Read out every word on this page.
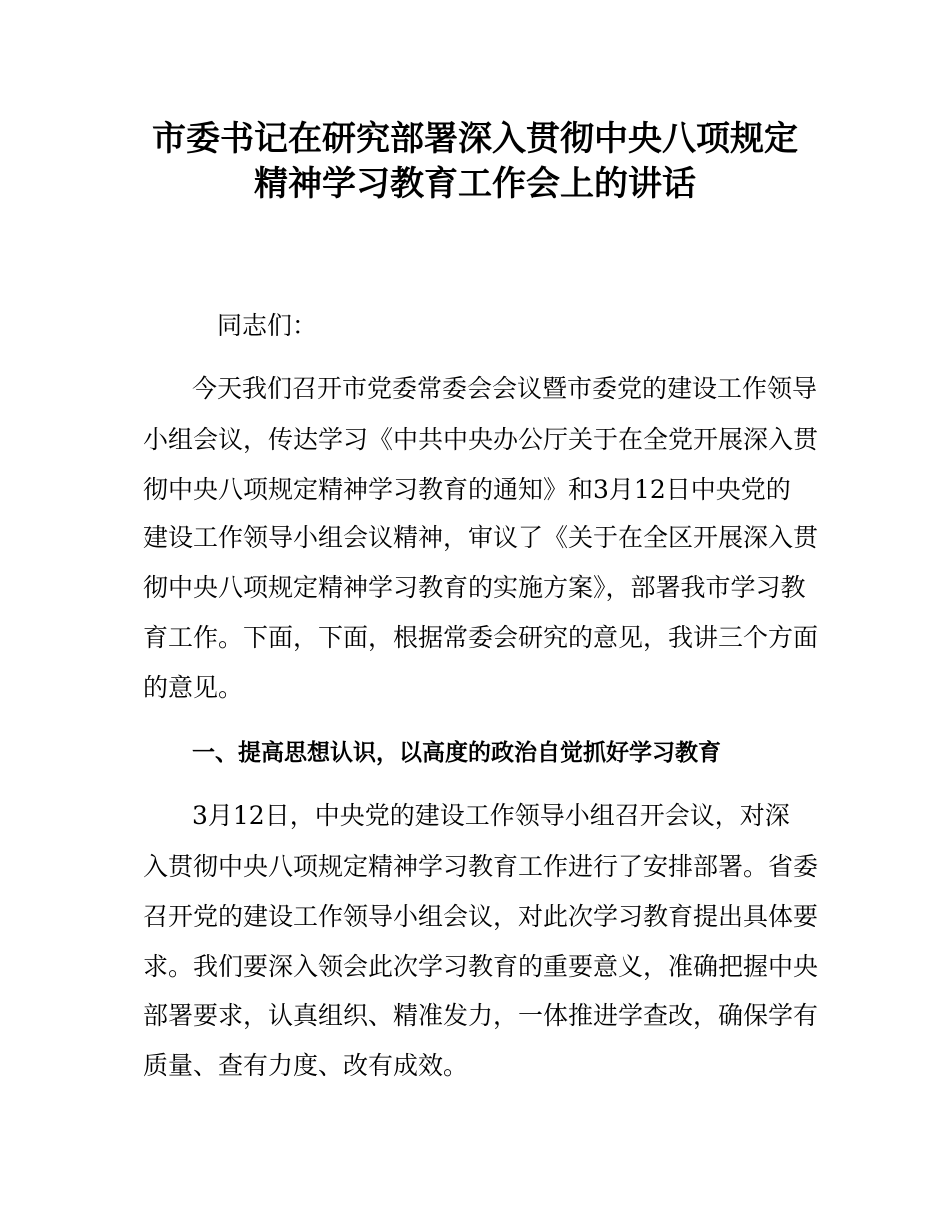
市委书记在研究部署深入贯彻中央八项规定
精神学习教育工作会上的讲话
同志们：
今天我们召开市党委常委会会议暨市委党的建设工作领导
小组会议，传达学习《中共中央办公厅关于在全党开展深入贯
彻中央八项规定精神学习教育的通知》和3月12日中央党的
建设工作领导小组会议精神，审议了《关于在全区开展深入贯
彻中央八项规定精神学习教育的实施方案》，部署我市学习教
育工作。下面，下面，根据常委会研究的意见，我讲三个方面
的意见。
一、提高思想认识，以高度的政治自觉抓好学习教育
3月12日，中央党的建设工作领导小组召开会议，对深
入贯彻中央八项规定精神学习教育工作进行了安排部署。省委
召开党的建设工作领导小组会议，对此次学习教育提出具体要
求。我们要深入领会此次学习教育的重要意义，准确把握中央
部署要求，认真组织、精准发力，一体推进学查改，确保学有
质量、查有力度、改有成效。
